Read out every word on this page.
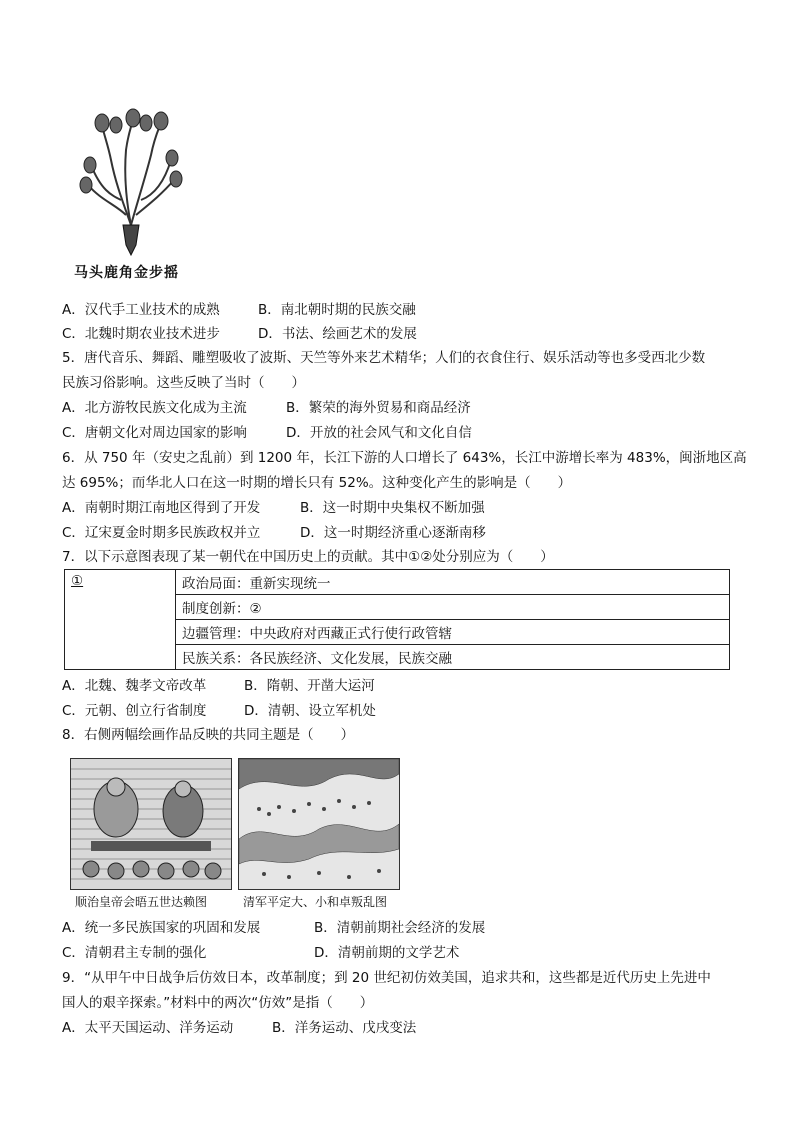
马头鹿角金步摇
A．汉代手工业技术的成熟	B．南北朝时期的民族交融
C．北魏时期农业技术进步	D．书法、绘画艺术的发展
5．唐代音乐、舞蹈、雕塑吸收了波斯、天竺等外来艺术精华；人们的衣食住行、娱乐活动等也多受西北少数
民族习俗影响。这些反映了当时（　　）
A．北方游牧民族文化成为主流	B．繁荣的海外贸易和商品经济
C．唐朝文化对周边国家的影响	D．开放的社会风气和文化自信
6．从 750 年（安史之乱前）到 1200 年，长江下游的人口增长了 643%，长江中游增长率为 483%，闽浙地区高
达 695%；而华北人口在这一时期的增长只有 52%。这种变化产生的影响是（　　）
A．南朝时期江南地区得到了开发	B．这一时期中央集权不断加强
C．辽宋夏金时期多民族政权并立	D．这一时期经济重心逐渐南移
7．以下示意图表现了某一朝代在中国历史上的贡献。其中①②处分别应为（　　）
①	政治局面：重新实现统一
制度创新：②
边疆管理：中央政府对西藏正式行使行政管辖
民族关系：各民族经济、文化发展，民族交融
A．北魏、魏孝文帝改革	B．隋朝、开凿大运河
C．元朝、创立行省制度	D．清朝、设立军机处
8．右侧两幅绘画作品反映的共同主题是（　　）
顺治皇帝会晤五世达赖图	清军平定大、小和卓叛乱图
A．统一多民族国家的巩固和发展	B．清朝前期社会经济的发展
C．清朝君主专制的强化	D．清朝前期的文学艺术
9．“从甲午中日战争后仿效日本，改革制度；到 20 世纪初仿效美国，追求共和，这些都是近代历史上先进中
国人的艰辛探索。”材料中的两次“仿效”是指（　　）
A．太平天国运动、洋务运动	B．洋务运动、戊戌变法
